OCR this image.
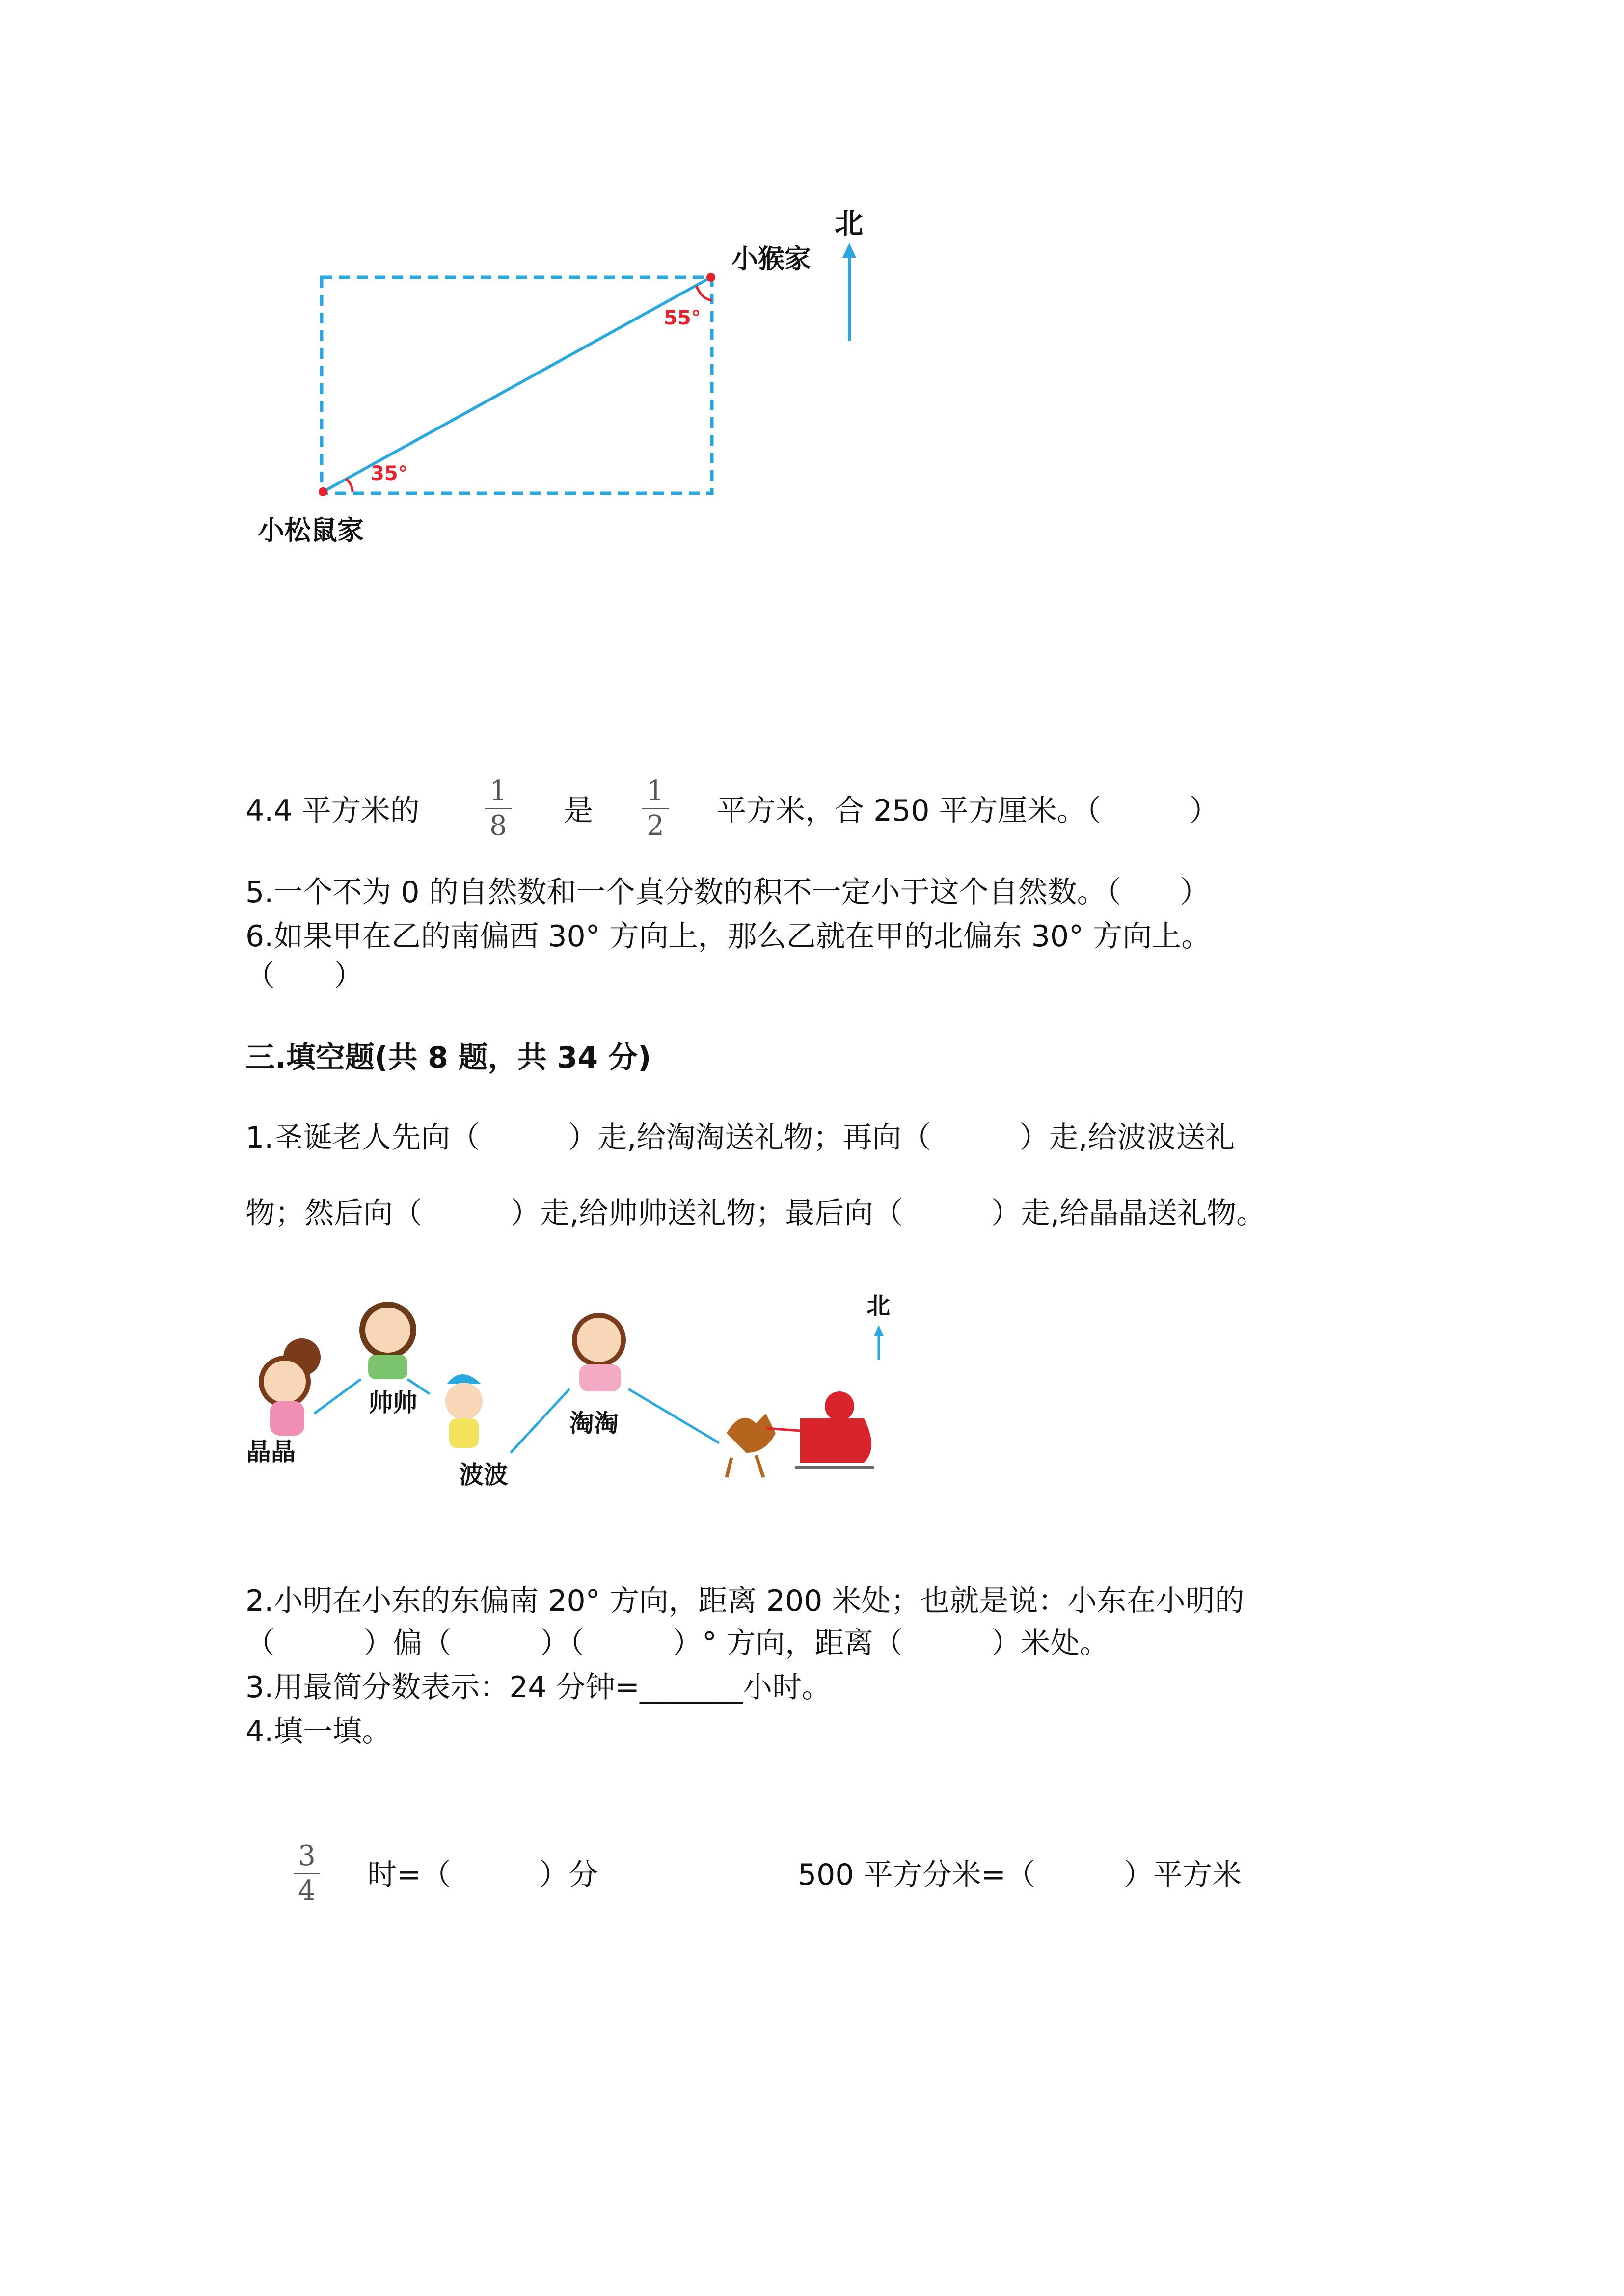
北
小猴家
小松鼠家
55°
35°
4.4 平方米的
1
8 是
1
2 平方米，合 250 平方厘米。（　　　）
5.一个不为 0 的自然数和一个真分数的积不一定小于这个自然数。（　　）
6.如果甲在乙的南偏西 30° 方向上，那么乙就在甲的北偏东 30° 方向上。
（　　）
三.填空题(共 8 题，共 34 分)
1.圣诞老人先向（　　　）走,给淘淘送礼物；再向（　　　）走,给波波送礼
物；然后向（　　　）走,给帅帅送礼物；最后向（　　　）走,给晶晶送礼物。
北
晶晶
帅帅
波波
淘淘
2.小明在小东的东偏南 20° 方向，距离 200 米处；也就是说：小东在小明的
（　　　）偏（　　　）（　　　）° 方向，距离（　　　）米处。
3.用最简分数表示：24 分钟=_______小时。
4.填一填。
3
4 时=（　　　）分	500 平方分米=（　　　）平方米
